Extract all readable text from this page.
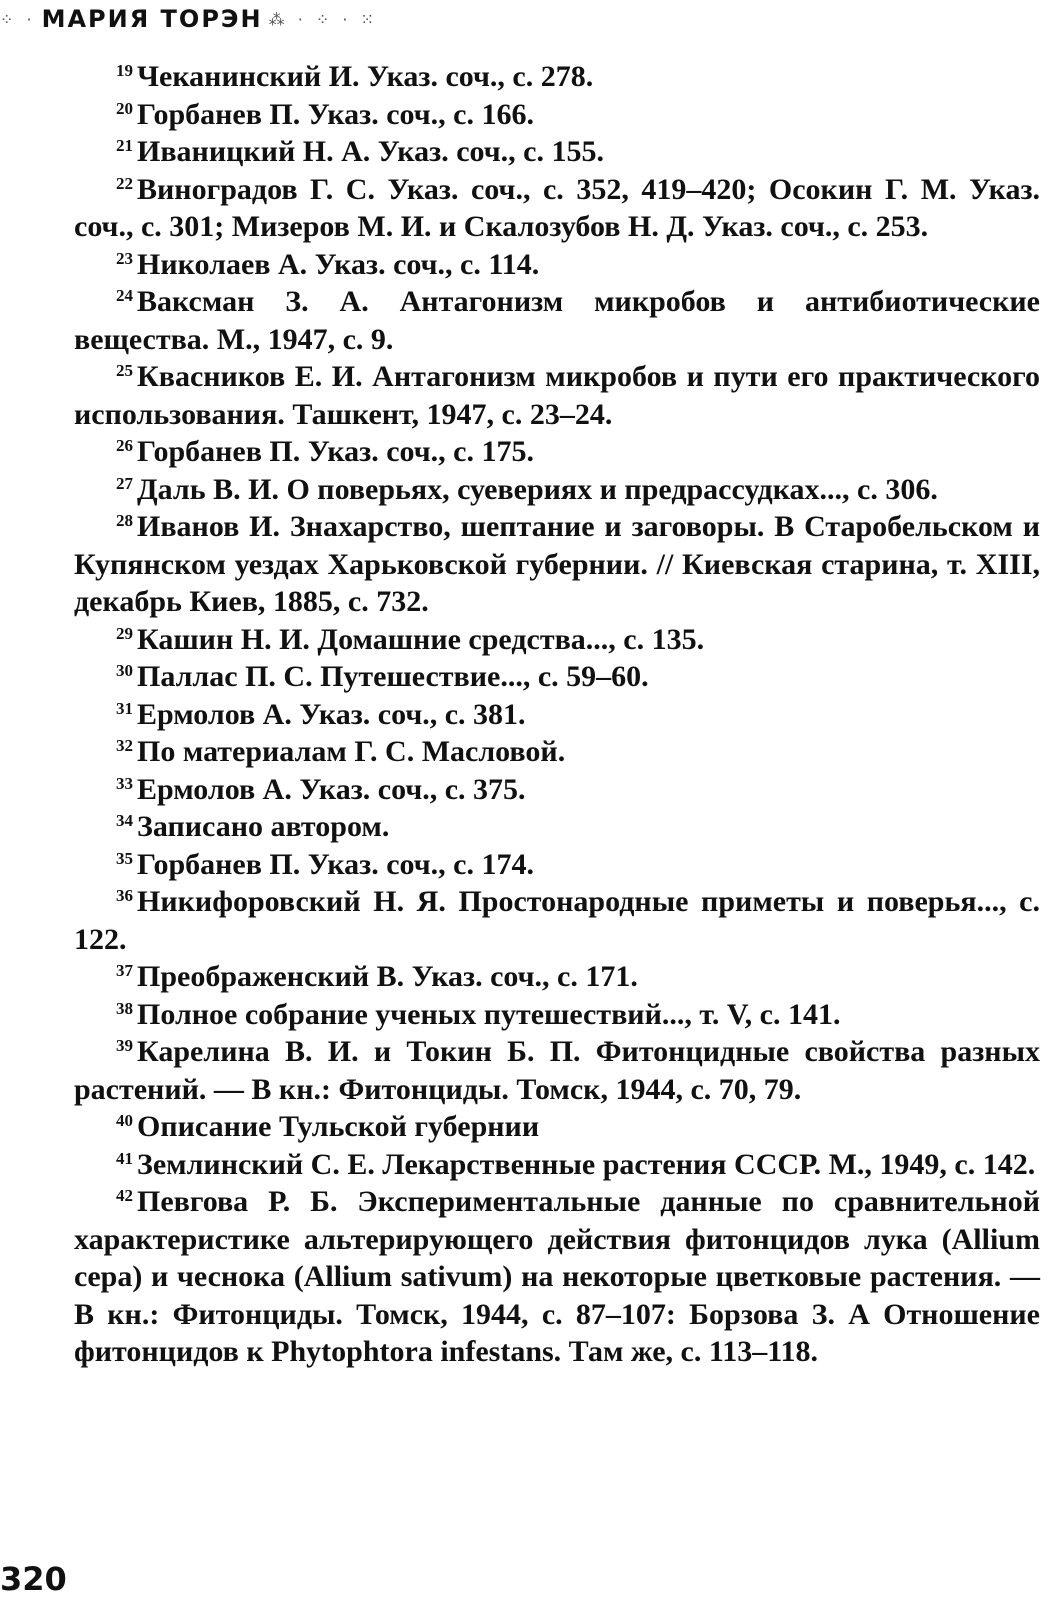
⁘ · МАРИЯ ТОРЭН ⁂ · ⁘ · ⁙

$^{19}$ Чеканинский И. Указ. соч., с. 278.

$^{20}$ Горбанев П. Указ. соч., с. 166.

$^{21}$ Иваницкий Н. А. Указ. соч., с. 155.

$^{22}$ Виноградов Г. С. Указ. соч., с. 352, 419–420; Осокин Г. М. Указ. соч., с. 301; Мизеров М. И. и Скалозубов Н. Д. Указ. соч., с. 253.

$^{23}$ Николаев А. Указ. соч., с. 114.

$^{24}$ Ваксман З. А. Антагонизм микробов и антибиотические вещества. М., 1947, с. 9.

$^{25}$ Квасников Е. И. Антагонизм микробов и пути его практического использования. Ташкент, 1947, с. 23–24.

$^{26}$ Горбанев П. Указ. соч., с. 175.

$^{27}$ Даль В. И. О поверьях, суевериях и предрассудках..., с. 306.

$^{28}$ Иванов И. Знахарство, шептание и заговоры. В Старобельском и Купянском уездах Харьковской губернии. // Киевская старина, т. XIII, декабрь Киев, 1885, с. 732.

$^{29}$ Кашин Н. И. Домашние средства..., с. 135.

$^{30}$ Паллас П. С. Путешествие..., с. 59–60.

$^{31}$ Ермолов А. Указ. соч., с. 381.

$^{32}$ По материалам Г. С. Масловой.

$^{33}$ Ермолов А. Указ. соч., с. 375.

$^{34}$ Записано автором.

$^{35}$ Горбанев П. Указ. соч., с. 174.

$^{36}$ Никифоровский Н. Я. Простонародные приметы и поверья..., с. 122.

$^{37}$ Преображенский В. Указ. соч., с. 171.

$^{38}$ Полное собрание ученых путешествий..., т. V, с. 141.

$^{39}$ Карелина В. И. и Токин Б. П. Фитонцидные свойства разных растений. — В кн.: Фитонциды. Томск, 1944, с. 70, 79.

$^{40}$ Описание Тульской губернии

$^{41}$ Землинский С. Е. Лекарственные растения СССР. М., 1949, с. 142.

$^{42}$ Певгова Р. Б. Экспериментальные данные по сравнительной характеристике альтерирующего действия фитонцидов лука (Allium cepa) и чеснока (Allium sativum) на некоторые цветковые растения. — В кн.: Фитонциды. Томск, 1944, с. 87–107: Борзова З. А Отношение фитонцидов к Phytophtora infestans. Там же, с. 113–118.

320
